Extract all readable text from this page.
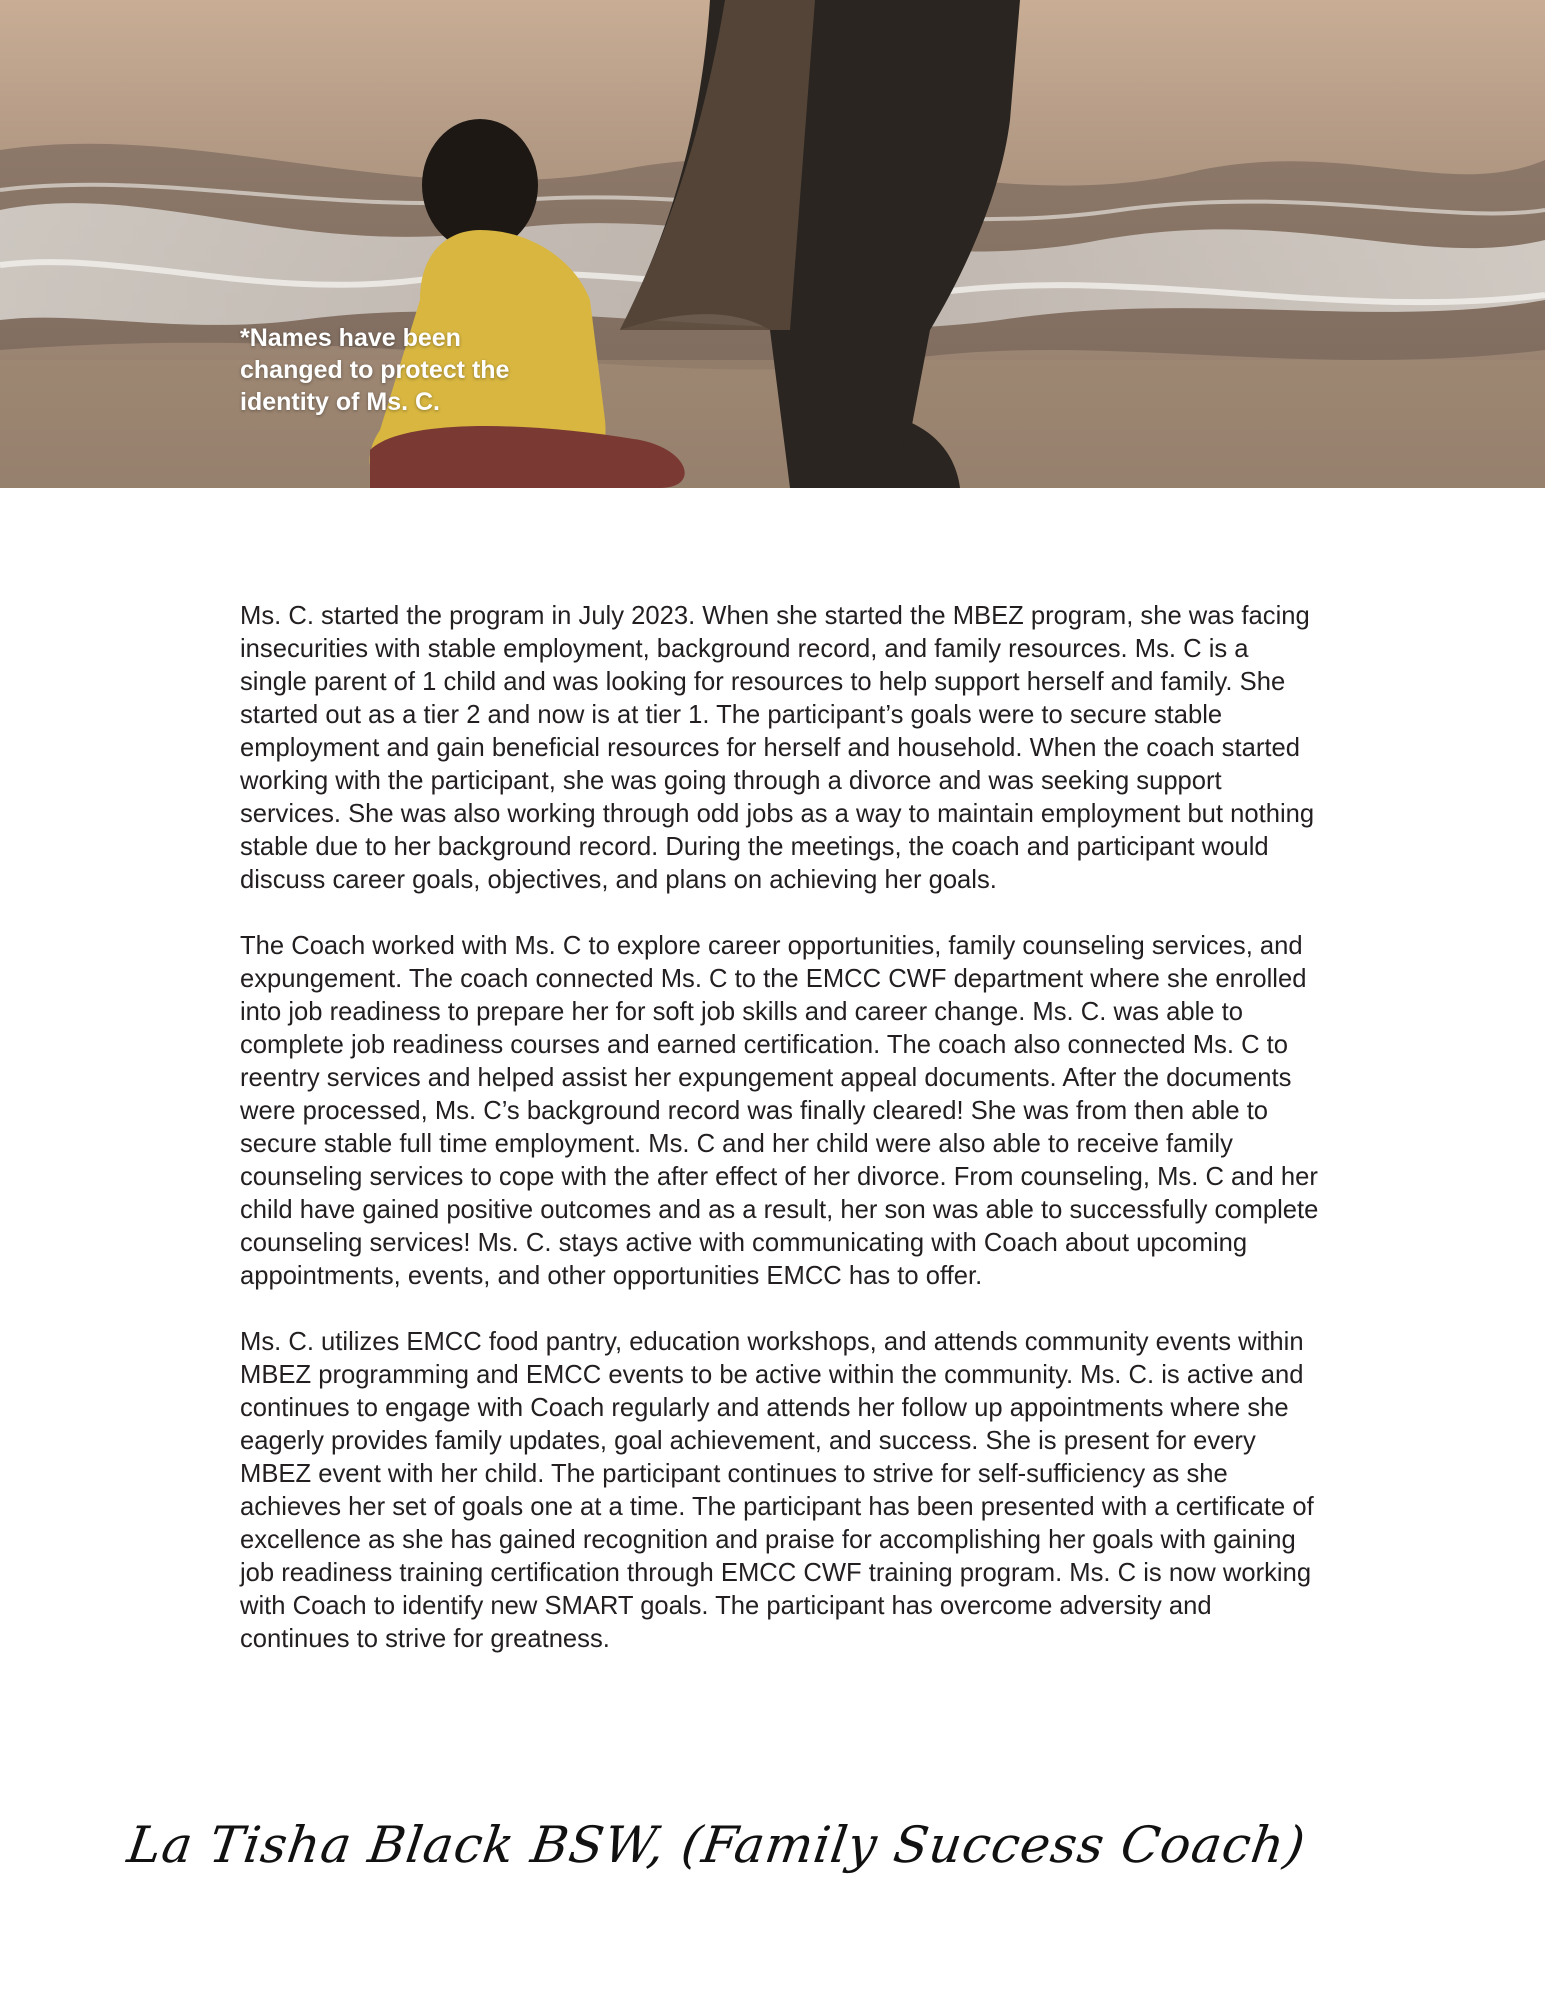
*Names have been changed to protect the identity of Ms. C.

Ms. C. started the program in July 2023. When she started the MBEZ program, she was facing insecurities with stable employment, background record, and family resources. Ms. C is a single parent of 1 child and was looking for resources to help support herself and family. She started out as a tier 2 and now is at tier 1. The participant’s goals were to secure stable employment and gain beneficial resources for herself and household. When the coach started working with the participant, she was going through a divorce and was seeking support services. She was also working through odd jobs as a way to maintain employment but nothing stable due to her background record. During the meetings, the coach and participant would discuss career goals, objectives, and plans on achieving her goals.

The Coach worked with Ms. C to explore career opportunities, family counseling services, and expungement. The coach connected Ms. C to the EMCC CWF department where she enrolled into job readiness to prepare her for soft job skills and career change. Ms. C. was able to complete job readiness courses and earned certification. The coach also connected Ms. C to reentry services and helped assist her expungement appeal documents. After the documents were processed, Ms. C’s background record was finally cleared! She was from then able to secure stable full time employment. Ms. C and her child were also able to receive family counseling services to cope with the after effect of her divorce. From counseling, Ms. C and her child have gained positive outcomes and as a result, her son was able to successfully complete counseling services! Ms. C. stays active with communicating with Coach about upcoming appointments, events, and other opportunities EMCC has to offer.

Ms. C. utilizes EMCC food pantry, education workshops, and attends community events within MBEZ programming and EMCC events to be active within the community. Ms. C. is active and continues to engage with Coach regularly and attends her follow up appointments where she eagerly provides family updates, goal achievement, and success. She is present for every MBEZ event with her child. The participant continues to strive for self-sufficiency as she achieves her set of goals one at a time. The participant has been presented with a certificate of excellence as she has gained recognition and praise for accomplishing her goals with gaining job readiness training certification through EMCC CWF training program. Ms. C is now working with Coach to identify new SMART goals. The participant has overcome adversity and continues to strive for greatness.

La Tisha Black BSW, (Family Success Coach)
